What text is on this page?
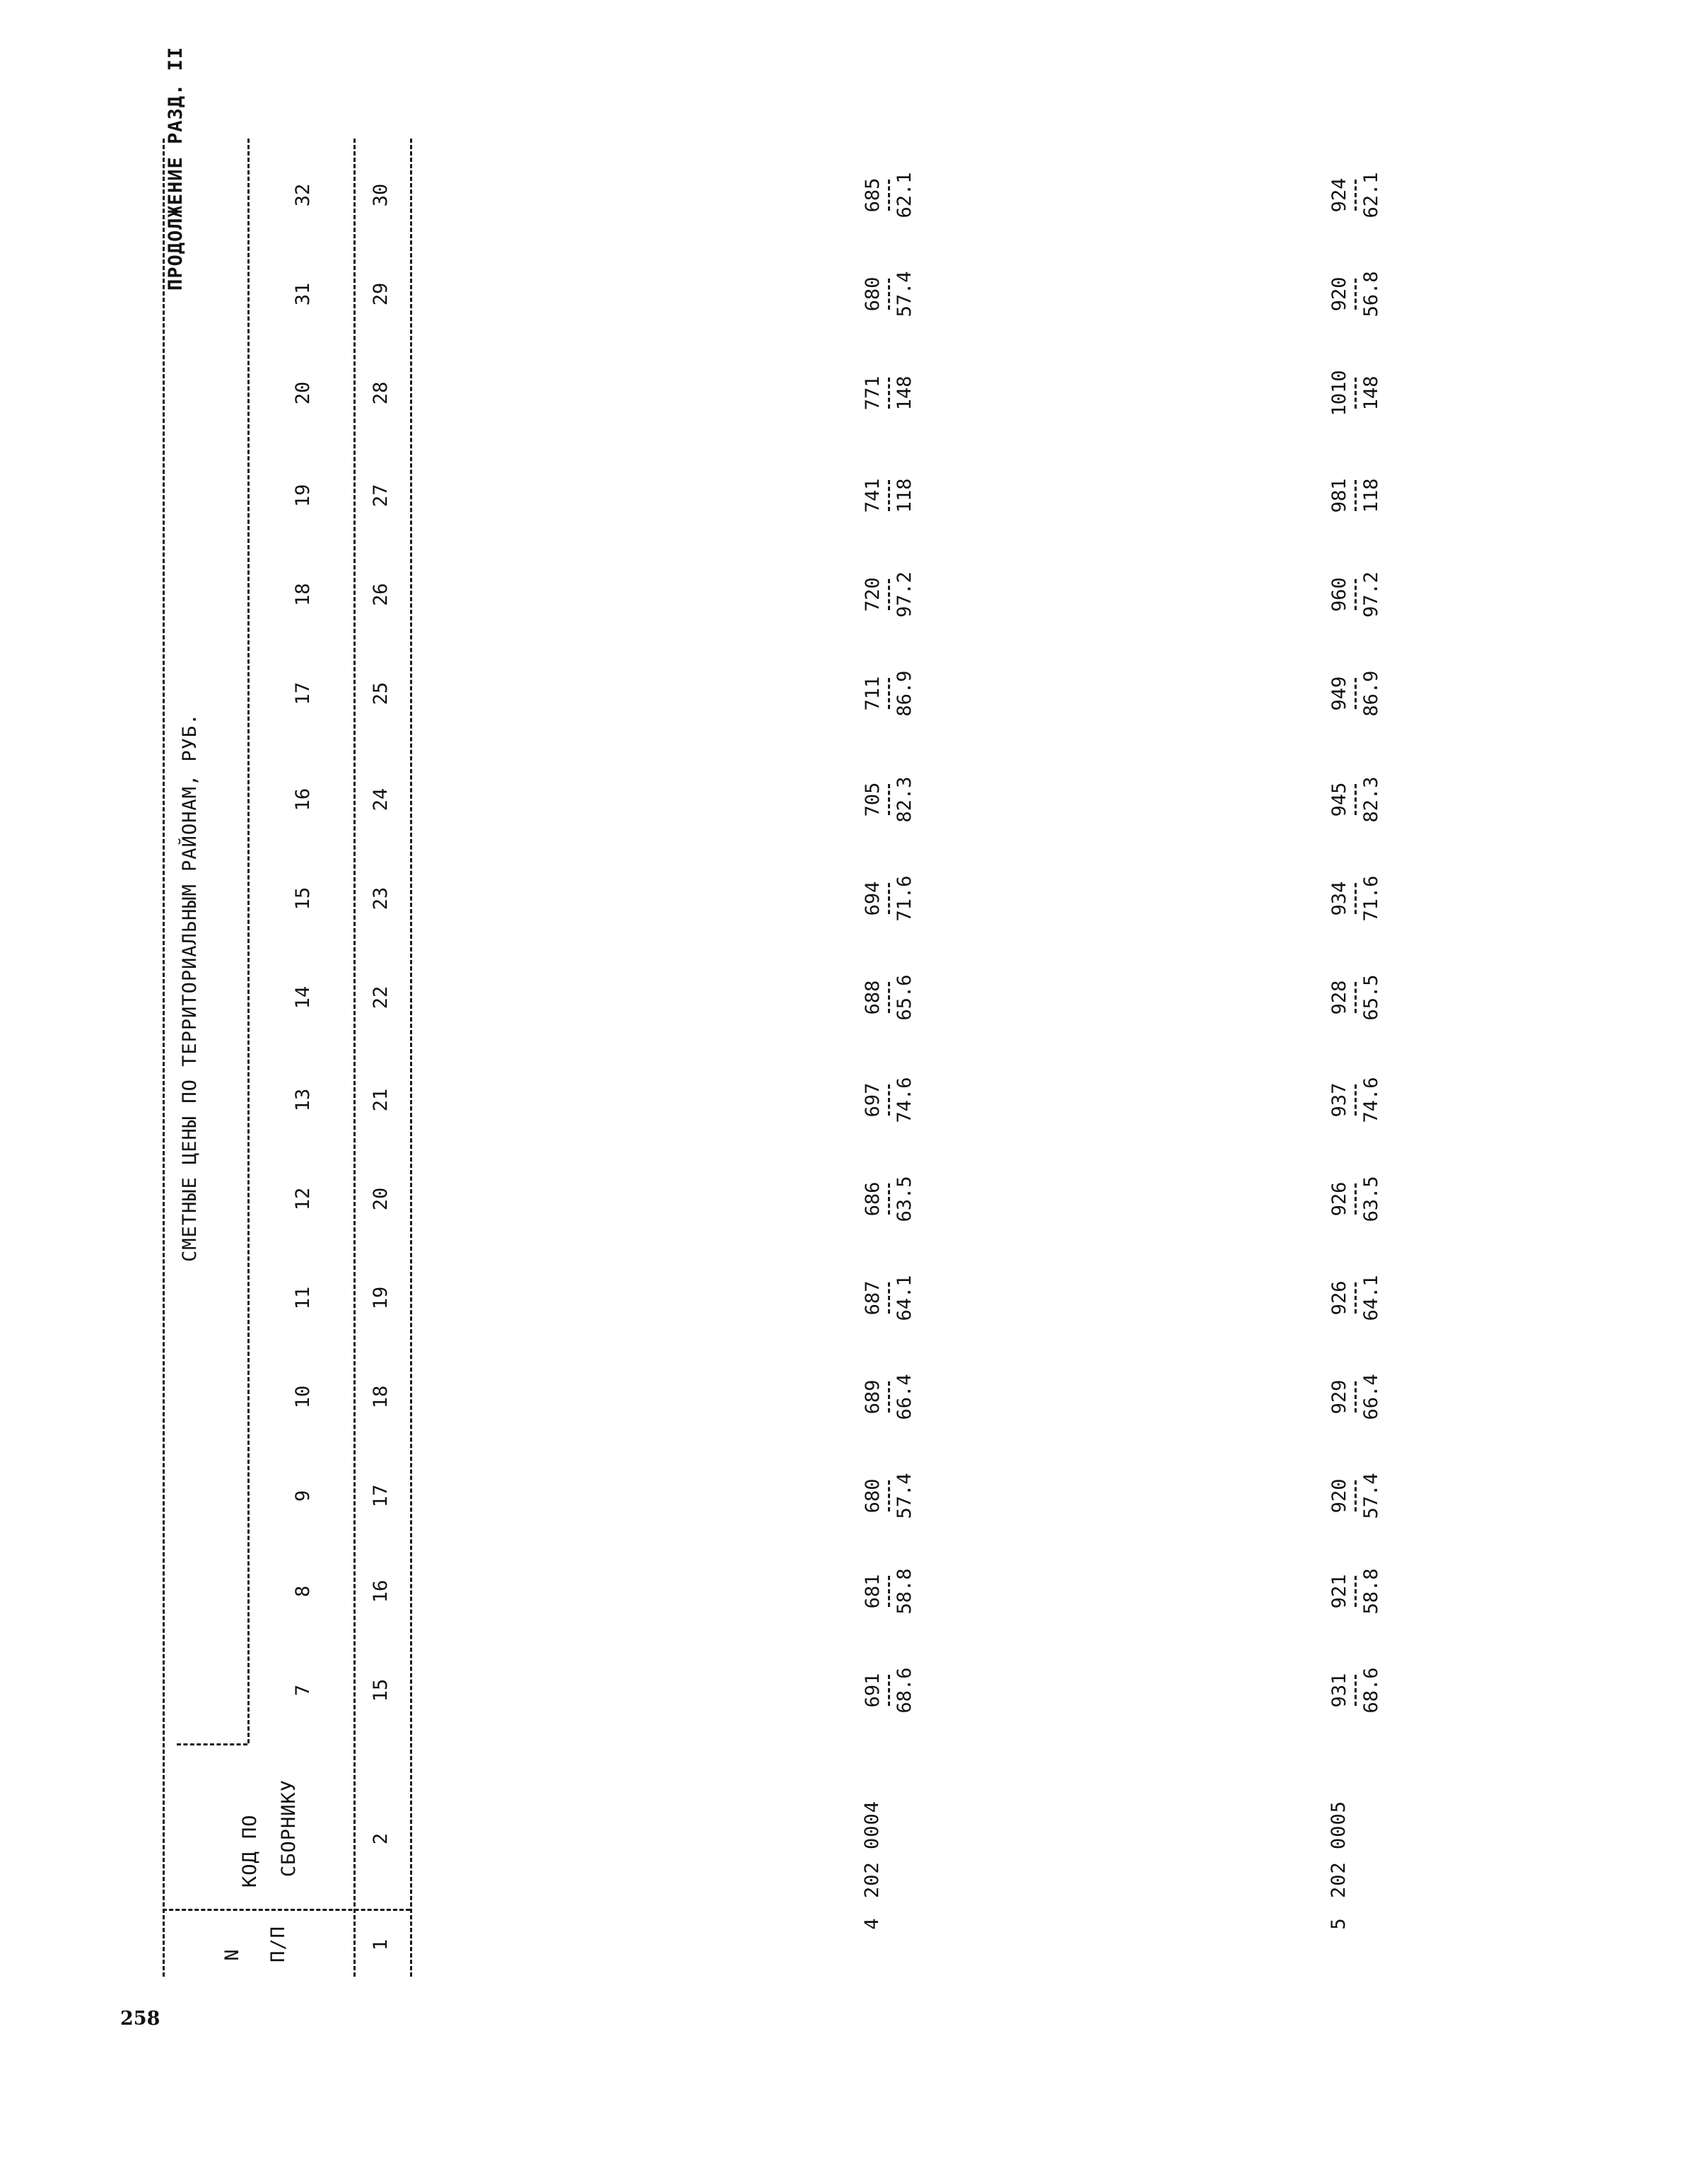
ПРОДОЛЖЕНИЕ РАЗД. II
258
N П/П
КОД ПО СБОРНИКУ
СМЕТНЫЕ ЦЕНЫ ПО ТЕРРИТОРИАЛЬНЫМ РАЙОНАМ, РУБ.
7
8
9
10
11
12
13
14
15
16
17
18
19
20
31
32
1
2
15
16
17
18
19
20
21
22
23
24
25
26
27
28
29
30
4
202 0004
5
202 0005
691 68.6
681 58.8
680 57.4
689 66.4
687 64.1
686 63.5
697 74.6
688 65.6
694 71.6
705 82.3
711 86.9
720 97.2
741 118
771 148
680 57.4
685 62.1
931 68.6
921 58.8
920 57.4
929 66.4
926 64.1
926 63.5
937 74.6
928 65.5
934 71.6
945 82.3
949 86.9
960 97.2
981 118
1010 148
920 56.8
924 62.1
